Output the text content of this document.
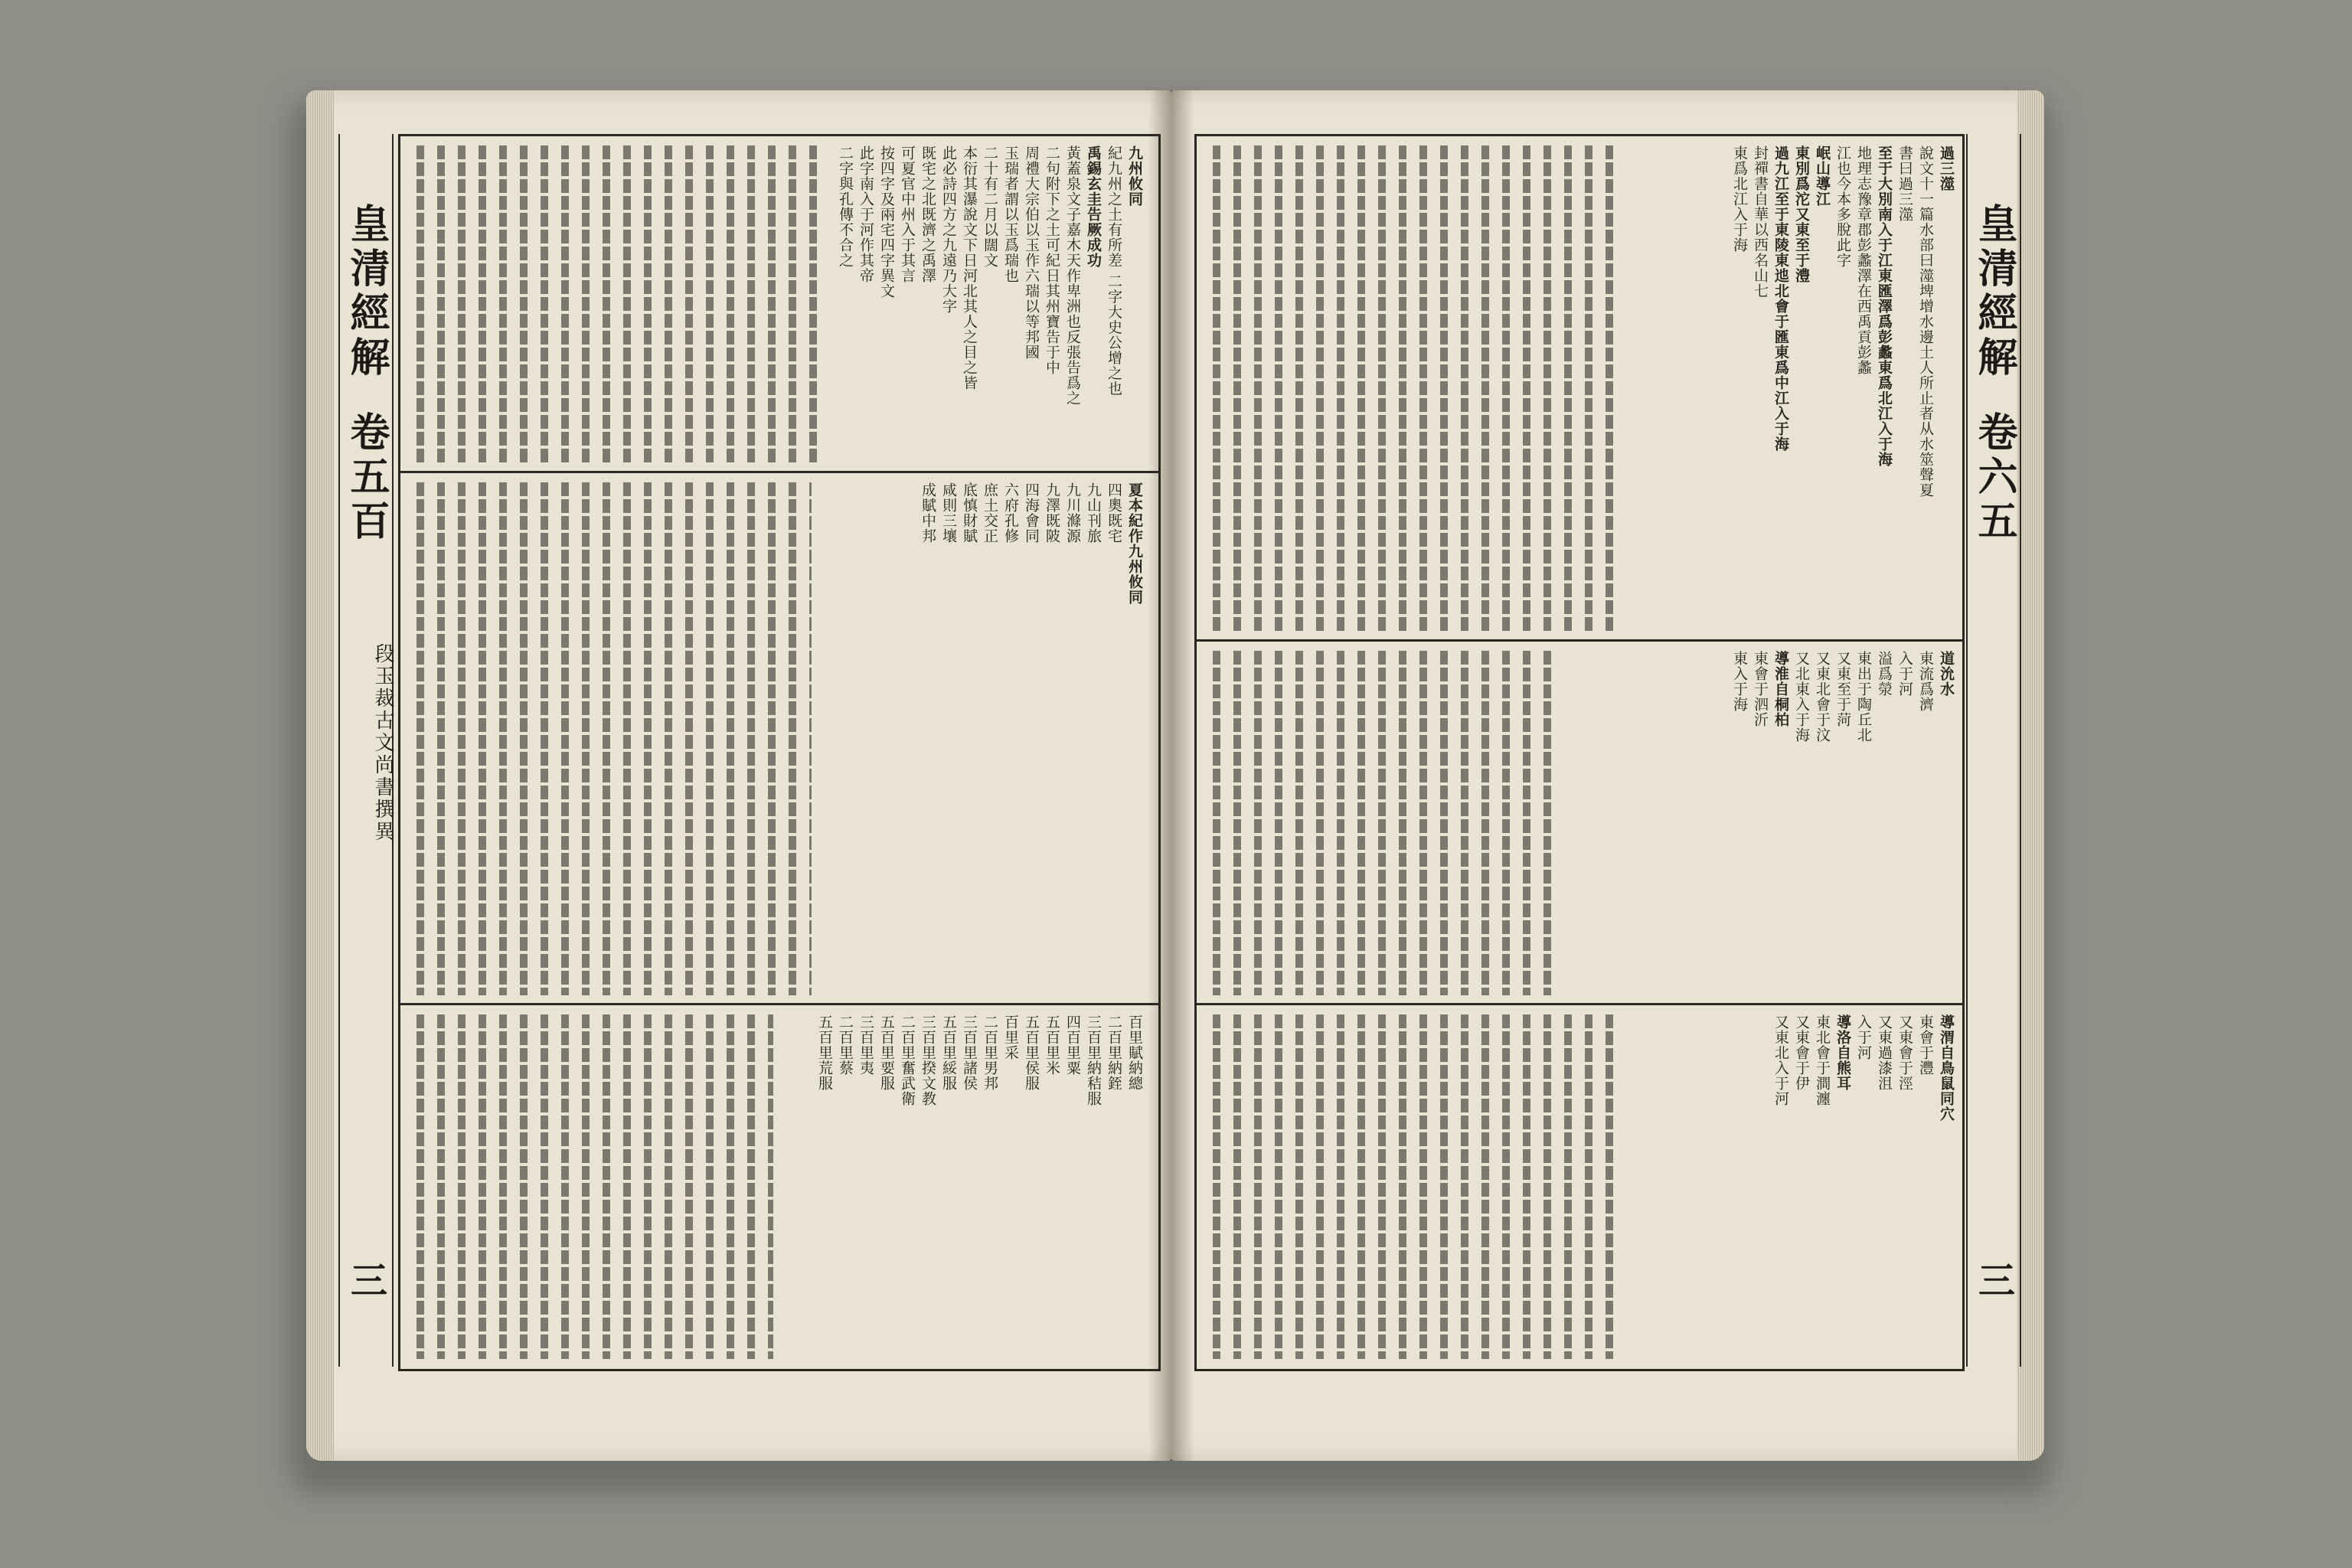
皇清經解
卷五百
三
段玉裁古文尚書撰異

九州攸同

紀九州之土有所差 二字大史公增之也

禹錫玄圭告厥成功

黃蓋泉文子嘉木天作卑洲也反張告爲之

二句附下之土可紀日其州寶告于中

周禮大宗伯以玉作六瑞以等邦國

玉瑞者謂以玉爲瑞也

二十有二月以闊文

本衍其瀑說文下日河北其人之目之皆

此必詩四方之九遠乃大字

既宅之北既濟之禹澤

可夏官中州入于其言

按四字及兩宅四字異文

此字南入于河作其帝

二字與孔傳不合之

夏本紀作九州攸同

四奧既宅

九山刊旅

九川滌源

九澤既陂

四海會同

六府孔修

庶土交正

底慎財賦

咸則三壤

成賦中邦

百里賦納總

二百里納銍

三百里納秸服

四百里粟

五百里米

五百里侯服

百里采

二百里男邦

三百里諸侯

五百里綏服

三百里揆文教

二百里奮武衛

五百里要服

三百里夷

二百里蔡

五百里荒服

皇清經解
卷六五
三

過三澨

說文十一篇水部曰澨埤增水邊土人所止者从水筮聲夏

書曰過三澨

至于大別南入于江東匯澤爲彭蠡東爲北江入于海

地理志豫章郡彭蠡澤在西禹貢彭蠡

江也今本多脫此字

岷山導江

東別爲沱又東至于澧

過九江至于東陵東迆北會于匯東爲中江入于海

封禪書自華以西名山七

東爲北江入于海

道沇水

東流爲濟

入于河

溢爲滎

東出于陶丘北

又東至于菏

又東北會于汶

又北東入于海

導淮自桐柏

東會于泗沂

東入于海

導渭自鳥鼠同穴

東會于灃

又東會于涇

又東過漆沮

入于河

導洛自熊耳

東北會于澗瀍

又東會于伊

又東北入于河
